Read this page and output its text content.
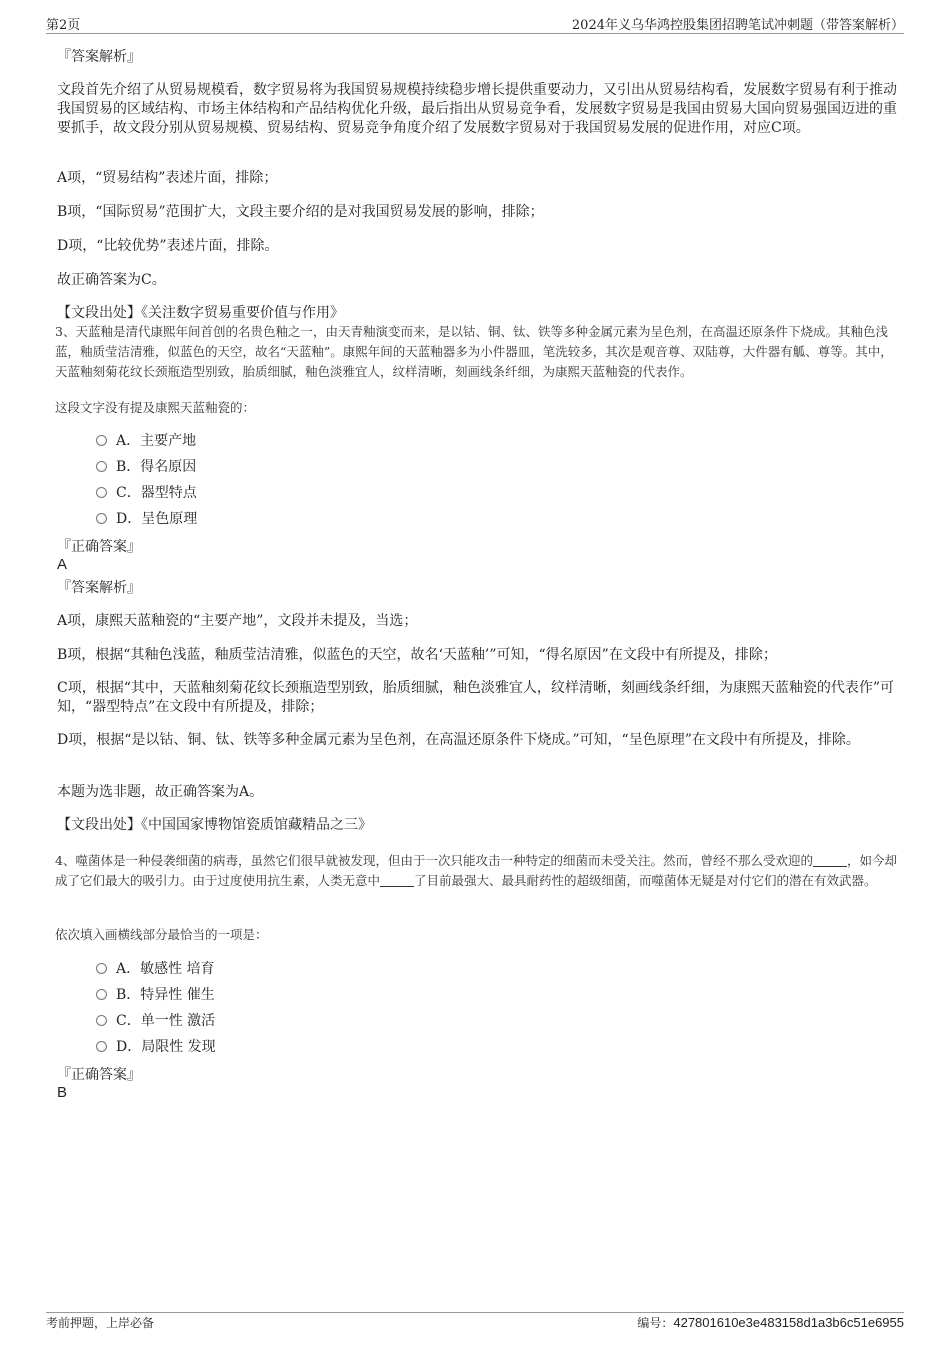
第2页	2024年义乌华鸿控股集团招聘笔试冲刺题（带答案解析）
『答案解析』
文段首先介绍了从贸易规模看，数字贸易将为我国贸易规模持续稳步增长提供重要动力，又引出从贸易结构看，发展数字贸易有利于推动我国贸易的区域结构、市场主体结构和产品结构优化升级，最后指出从贸易竞争看，发展数字贸易是我国由贸易大国向贸易强国迈进的重要抓手，故文段分别从贸易规模、贸易结构、贸易竞争角度介绍了发展数字贸易对于我国贸易发展的促进作用，对应C项。
A项，“贸易结构”表述片面，排除；
B项，“国际贸易”范围扩大，文段主要介绍的是对我国贸易发展的影响，排除；
D项，“比较优势”表述片面，排除。
故正确答案为C。
【文段出处】《关注数字贸易重要价值与作用》
3、天蓝釉是清代康熙年间首创的名贵色釉之一，由天青釉演变而来，是以钴、铜、钛、铁等多种金属元素为呈色剂，在高温还原条件下烧成。其釉色浅蓝，釉质莹洁清雅，似蓝色的天空，故名“天蓝釉”。康熙年间的天蓝釉器多为小件器皿，笔洗较多，其次是观音尊、双陆尊，大件器有觚、尊等。其中，天蓝釉刻菊花纹长颈瓶造型别致，胎质细腻，釉色淡雅宜人，纹样清晰，刻画线条纤细，为康熙天蓝釉瓷的代表作。
这段文字没有提及康熙天蓝釉瓷的：
A．主要产地
B．得名原因
C．器型特点
D．呈色原理
『正确答案』
A
『答案解析』
A项，康熙天蓝釉瓷的“主要产地”，文段并未提及，当选；
B项，根据“其釉色浅蓝，釉质莹洁清雅，似蓝色的天空，故名‘天蓝釉’”可知，“得名原因”在文段中有所提及，排除；
C项，根据“其中，天蓝釉刻菊花纹长颈瓶造型别致，胎质细腻，釉色淡雅宜人，纹样清晰，刻画线条纤细，为康熙天蓝釉瓷的代表作”可知，“器型特点”在文段中有所提及，排除；
D项，根据“是以钴、铜、钛、铁等多种金属元素为呈色剂，在高温还原条件下烧成。”可知，“呈色原理”在文段中有所提及，排除。
本题为选非题，故正确答案为A。
【文段出处】《中国国家博物馆瓷质馆藏精品之三》
4、噬菌体是一种侵袭细菌的病毒，虽然它们很早就被发现，但由于一次只能攻击一种特定的细菌而未受关注。然而，曾经不那么受欢迎的	，如今却成了它们最大的吸引力。由于过度使用抗生素，人类无意中	了目前最强大、最具耐药性的超级细菌，而噬菌体无疑是对付它们的潜在有效武器。
依次填入画横线部分最恰当的一项是：
A．敏感性 培育
B．特异性 催生
C．单一性 激活
D．局限性 发现
『正确答案』
B
考前押题，上岸必备	编号：427801610e3e483158d1a3b6c51e6955
